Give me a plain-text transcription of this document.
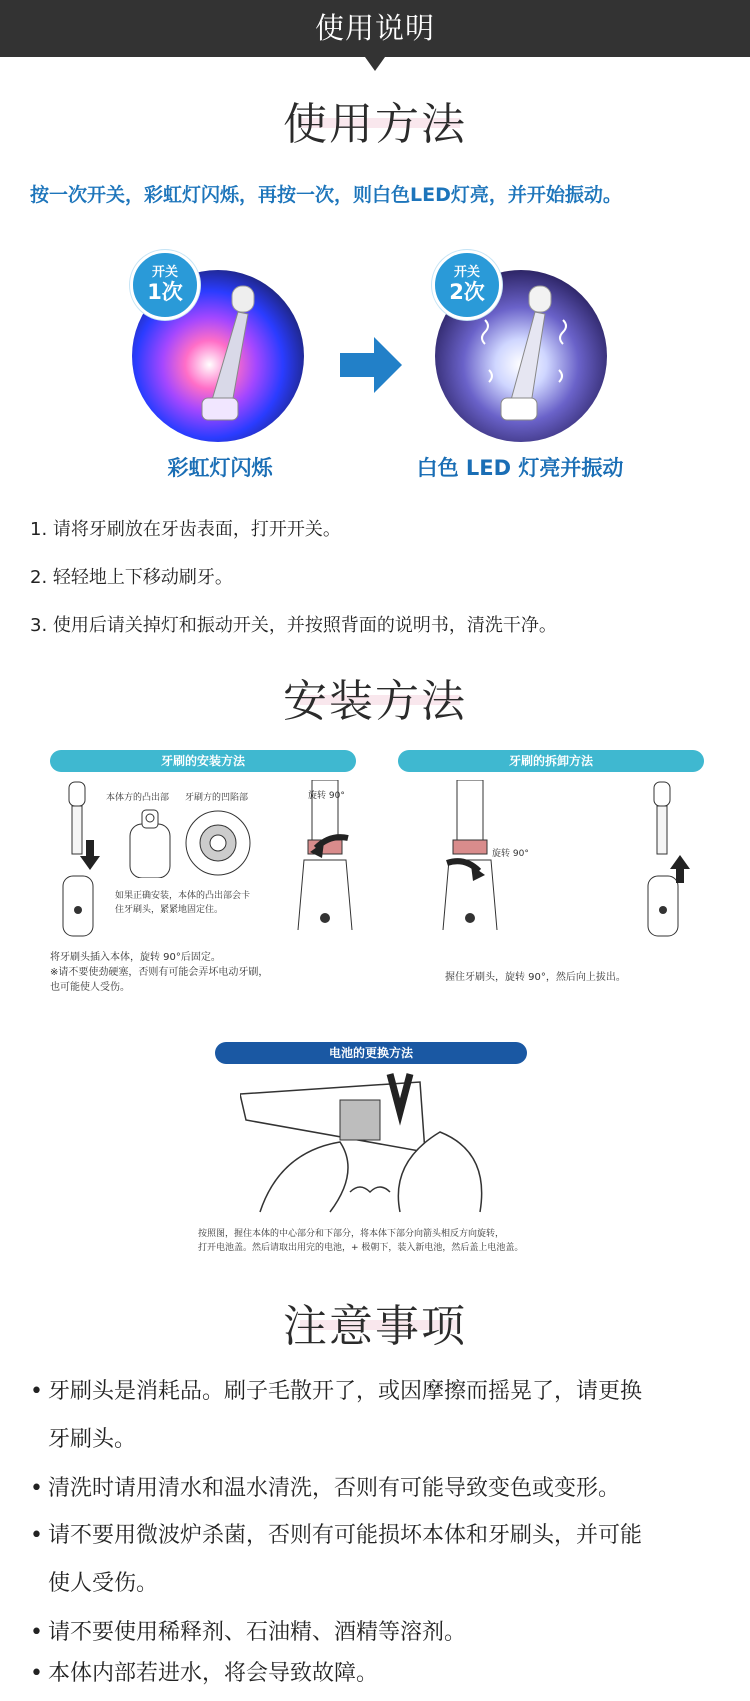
使用说明
使用方法
按一次开关，彩虹灯闪烁，再按一次，则白色LED灯亮，并开始振动。
开关
1次
开关
2次
彩虹灯闪烁	白色 LED 灯亮并振动
1. 请将牙刷放在牙齿表面，打开开关。
2. 轻轻地上下移动刷牙。
3. 使用后请关掉灯和振动开关，并按照背面的说明书，清洗干净。
安装方法
牙刷的安装方法	牙刷的拆卸方法
本体方的凸出部 牙刷方的凹陷部
如果正确安装，本体的凸出部会卡
住牙刷头，紧紧地固定住。
旋转 90°
将牙刷头插入本体，旋转 90°后固定。
※请不要使劲硬塞，否则有可能会弄坏电动牙刷，
也可能使人受伤。
旋转 90°
握住牙刷头，旋转 90°，然后向上拔出。
电池的更换方法
按照图，握住本体的中心部分和下部分，将本体下部分向箭头相反方向旋转，
打开电池盖。然后请取出用完的电池，+ 极朝下，装入新电池，然后盖上电池盖。
注意事项
• 牙刷头是消耗品。刷子毛散开了，或因摩擦而摇晃了，请更换
牙刷头。
• 清洗时请用清水和温水清洗，否则有可能导致变色或变形。
• 请不要用微波炉杀菌，否则有可能损坏本体和牙刷头，并可能
使人受伤。
• 请不要使用稀释剂、石油精、酒精等溶剂。
• 本体内部若进水，将会导致故障。
